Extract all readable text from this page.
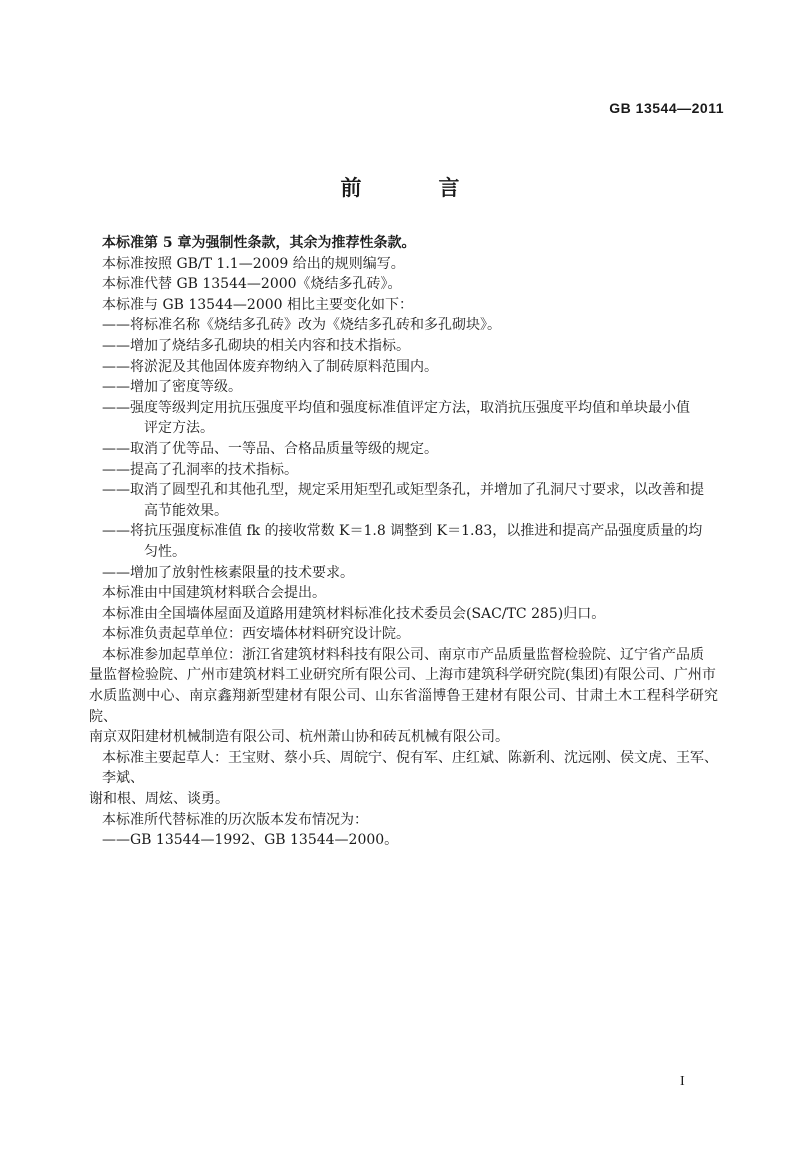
GB 13544—2011
前　言

本标准第 5 章为强制性条款，其余为推荐性条款。

本标准按照 GB/T 1.1—2009 给出的规则编写。

本标准代替 GB 13544—2000《烧结多孔砖》。

本标准与 GB 13544—2000 相比主要变化如下：

——将标准名称《烧结多孔砖》改为《烧结多孔砖和多孔砌块》。

——增加了烧结多孔砌块的相关内容和技术指标。

——将淤泥及其他固体废弃物纳入了制砖原料范围内。

——增加了密度等级。

——强度等级判定用抗压强度平均值和强度标准值评定方法，取消抗压强度平均值和单块最小值

评定方法。

——取消了优等品、一等品、合格品质量等级的规定。

——提高了孔洞率的技术指标。

——取消了圆型孔和其他孔型，规定采用矩型孔或矩型条孔，并增加了孔洞尺寸要求，以改善和提

高节能效果。

——将抗压强度标准值 fk 的接收常数 K＝1.8 调整到 K＝1.83，以推进和提高产品强度质量的均

匀性。

——增加了放射性核素限量的技术要求。

本标准由中国建筑材料联合会提出。

本标准由全国墙体屋面及道路用建筑材料标准化技术委员会(SAC/TC 285)归口。

本标准负责起草单位：西安墙体材料研究设计院。

本标准参加起草单位：浙江省建筑材料科技有限公司、南京市产品质量监督检验院、辽宁省产品质

量监督检验院、广州市建筑材料工业研究所有限公司、上海市建筑科学研究院(集团)有限公司、广州市

水质监测中心、南京鑫翔新型建材有限公司、山东省淄博鲁王建材有限公司、甘肃土木工程科学研究院、

南京双阳建材机械制造有限公司、杭州萧山协和砖瓦机械有限公司。

本标准主要起草人：王宝财、蔡小兵、周皖宁、倪有军、庄红斌、陈新利、沈远刚、侯文虎、王军、李斌、

谢和根、周炫、谈勇。

本标准所代替标准的历次版本发布情况为：

——GB 13544—1992、GB 13544—2000。

I
